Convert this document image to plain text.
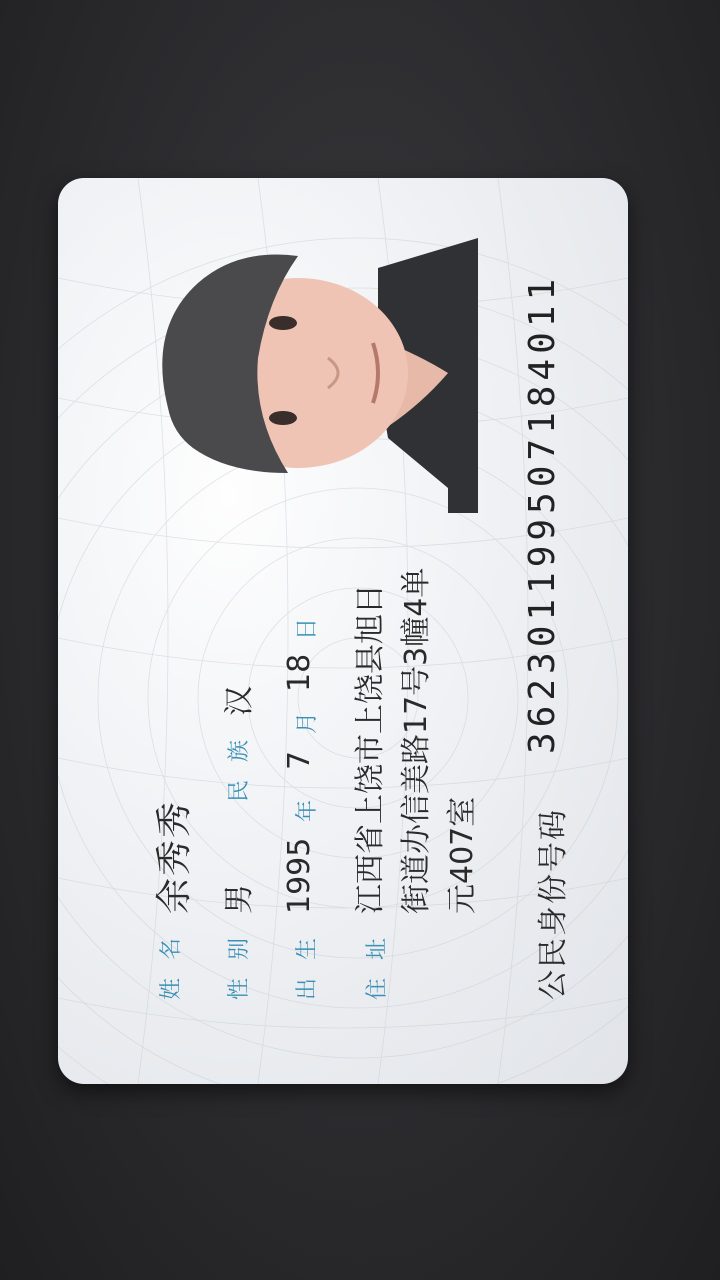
姓名
余秀秀
性别
男
民族
汉
出生
1995
年
7
月
18
日
住址
江西省上饶市上饶县旭日 街道办信美路17号3幢4单 元407室 公民身份号码
362301199507184011
